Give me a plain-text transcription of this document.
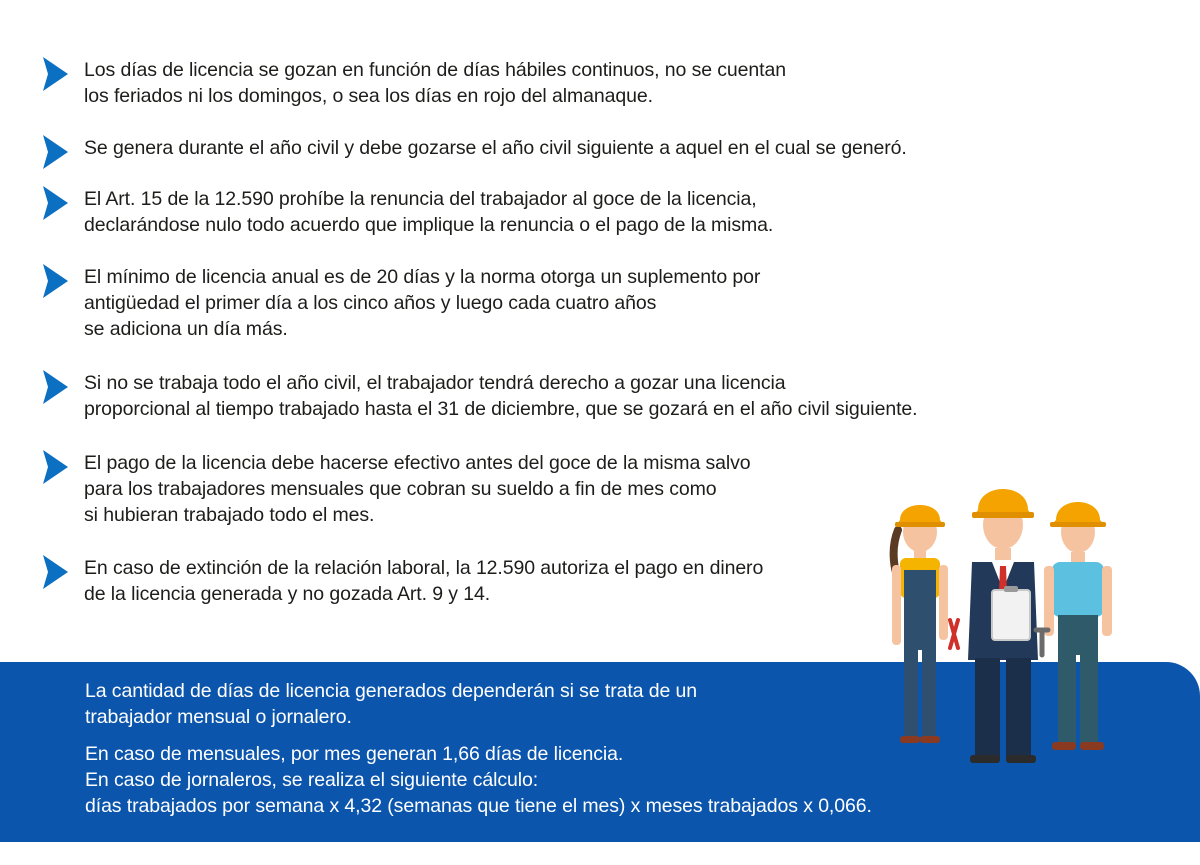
Los días de licencia se gozan en función de días hábiles continuos, no se cuentan
los feriados ni los domingos, o sea los días en rojo del almanaque.
Se genera durante el año civil y debe gozarse el año civil siguiente a aquel en el cual se generó.
El Art. 15 de la 12.590 prohíbe la renuncia del trabajador al goce de la licencia,
declarándose nulo todo acuerdo que implique la renuncia o el pago de la misma.
El mínimo de licencia anual es de 20 días y la norma otorga un suplemento por
antigüedad el primer día a los cinco años y luego cada cuatro años
se adiciona un día más.
Si no se trabaja todo el año civil, el trabajador tendrá derecho a gozar una licencia
proporcional al tiempo trabajado hasta el 31 de diciembre, que se gozará en el año civil siguiente.
El pago de la licencia debe hacerse efectivo antes del goce de la misma salvo
para los trabajadores mensuales que cobran su sueldo a fin de mes como
si hubieran trabajado todo el mes.
En caso de extinción de la relación laboral, la 12.590 autoriza el pago en dinero
de la licencia generada y no gozada Art. 9 y 14.
La cantidad de días de licencia generados dependerán si se trata de un
trabajador mensual o jornalero.
En caso de mensuales, por mes generan 1,66 días de licencia.
En caso de jornaleros, se realiza el siguiente cálculo:
días trabajados por semana x 4,32 (semanas que tiene el mes) x meses trabajados x 0,066.
